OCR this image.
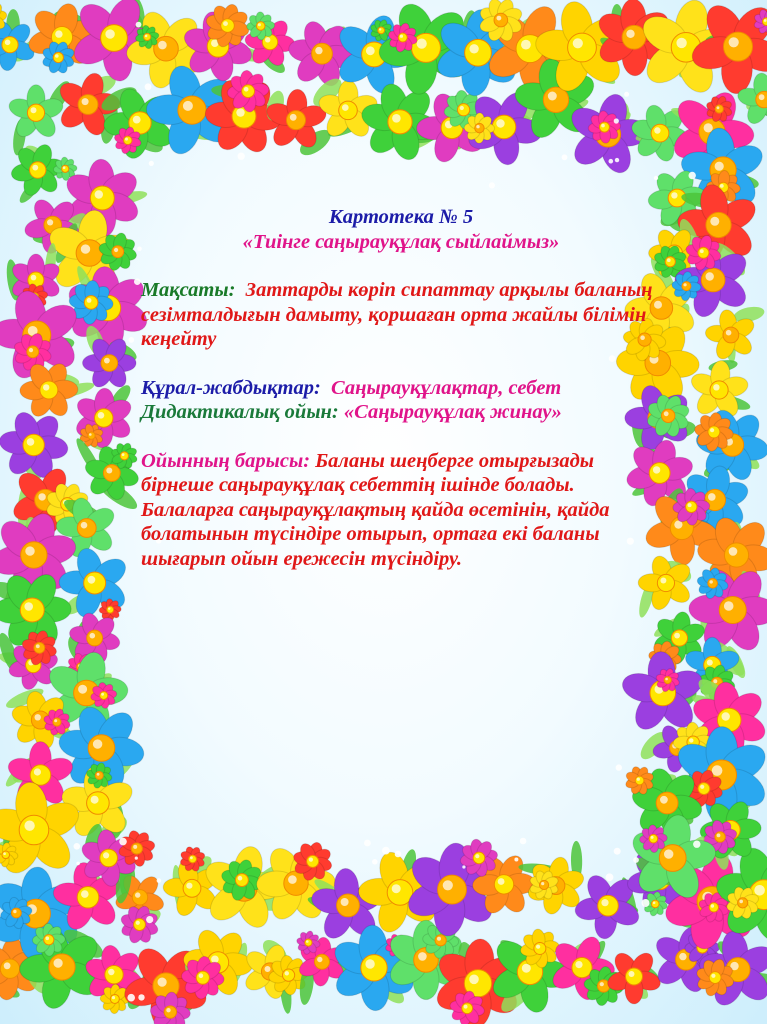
Картотека № 5
«Тиінге саңырауқұлақ сыйлаймыз»
Мақсаты: Заттарды көріп сипаттау арқылы баланың сезімталдығын дамыту, қоршаған орта жайлы білімін кеңейту
Құрал-жабдықтар: Саңырауқұлақтар, себет
Дидактикалық ойын: «Саңырауқұлақ жинау»
Ойынның барысы: Баланы шеңберге отырғызады бірнеше саңырауқұлақ себеттің ішінде болады. Балаларға саңырауқұлақтың қайда өсетінін, қайда болатынын түсіндіре отырып, ортаға екі баланы шығарып ойын ережесін түсіндіру.
